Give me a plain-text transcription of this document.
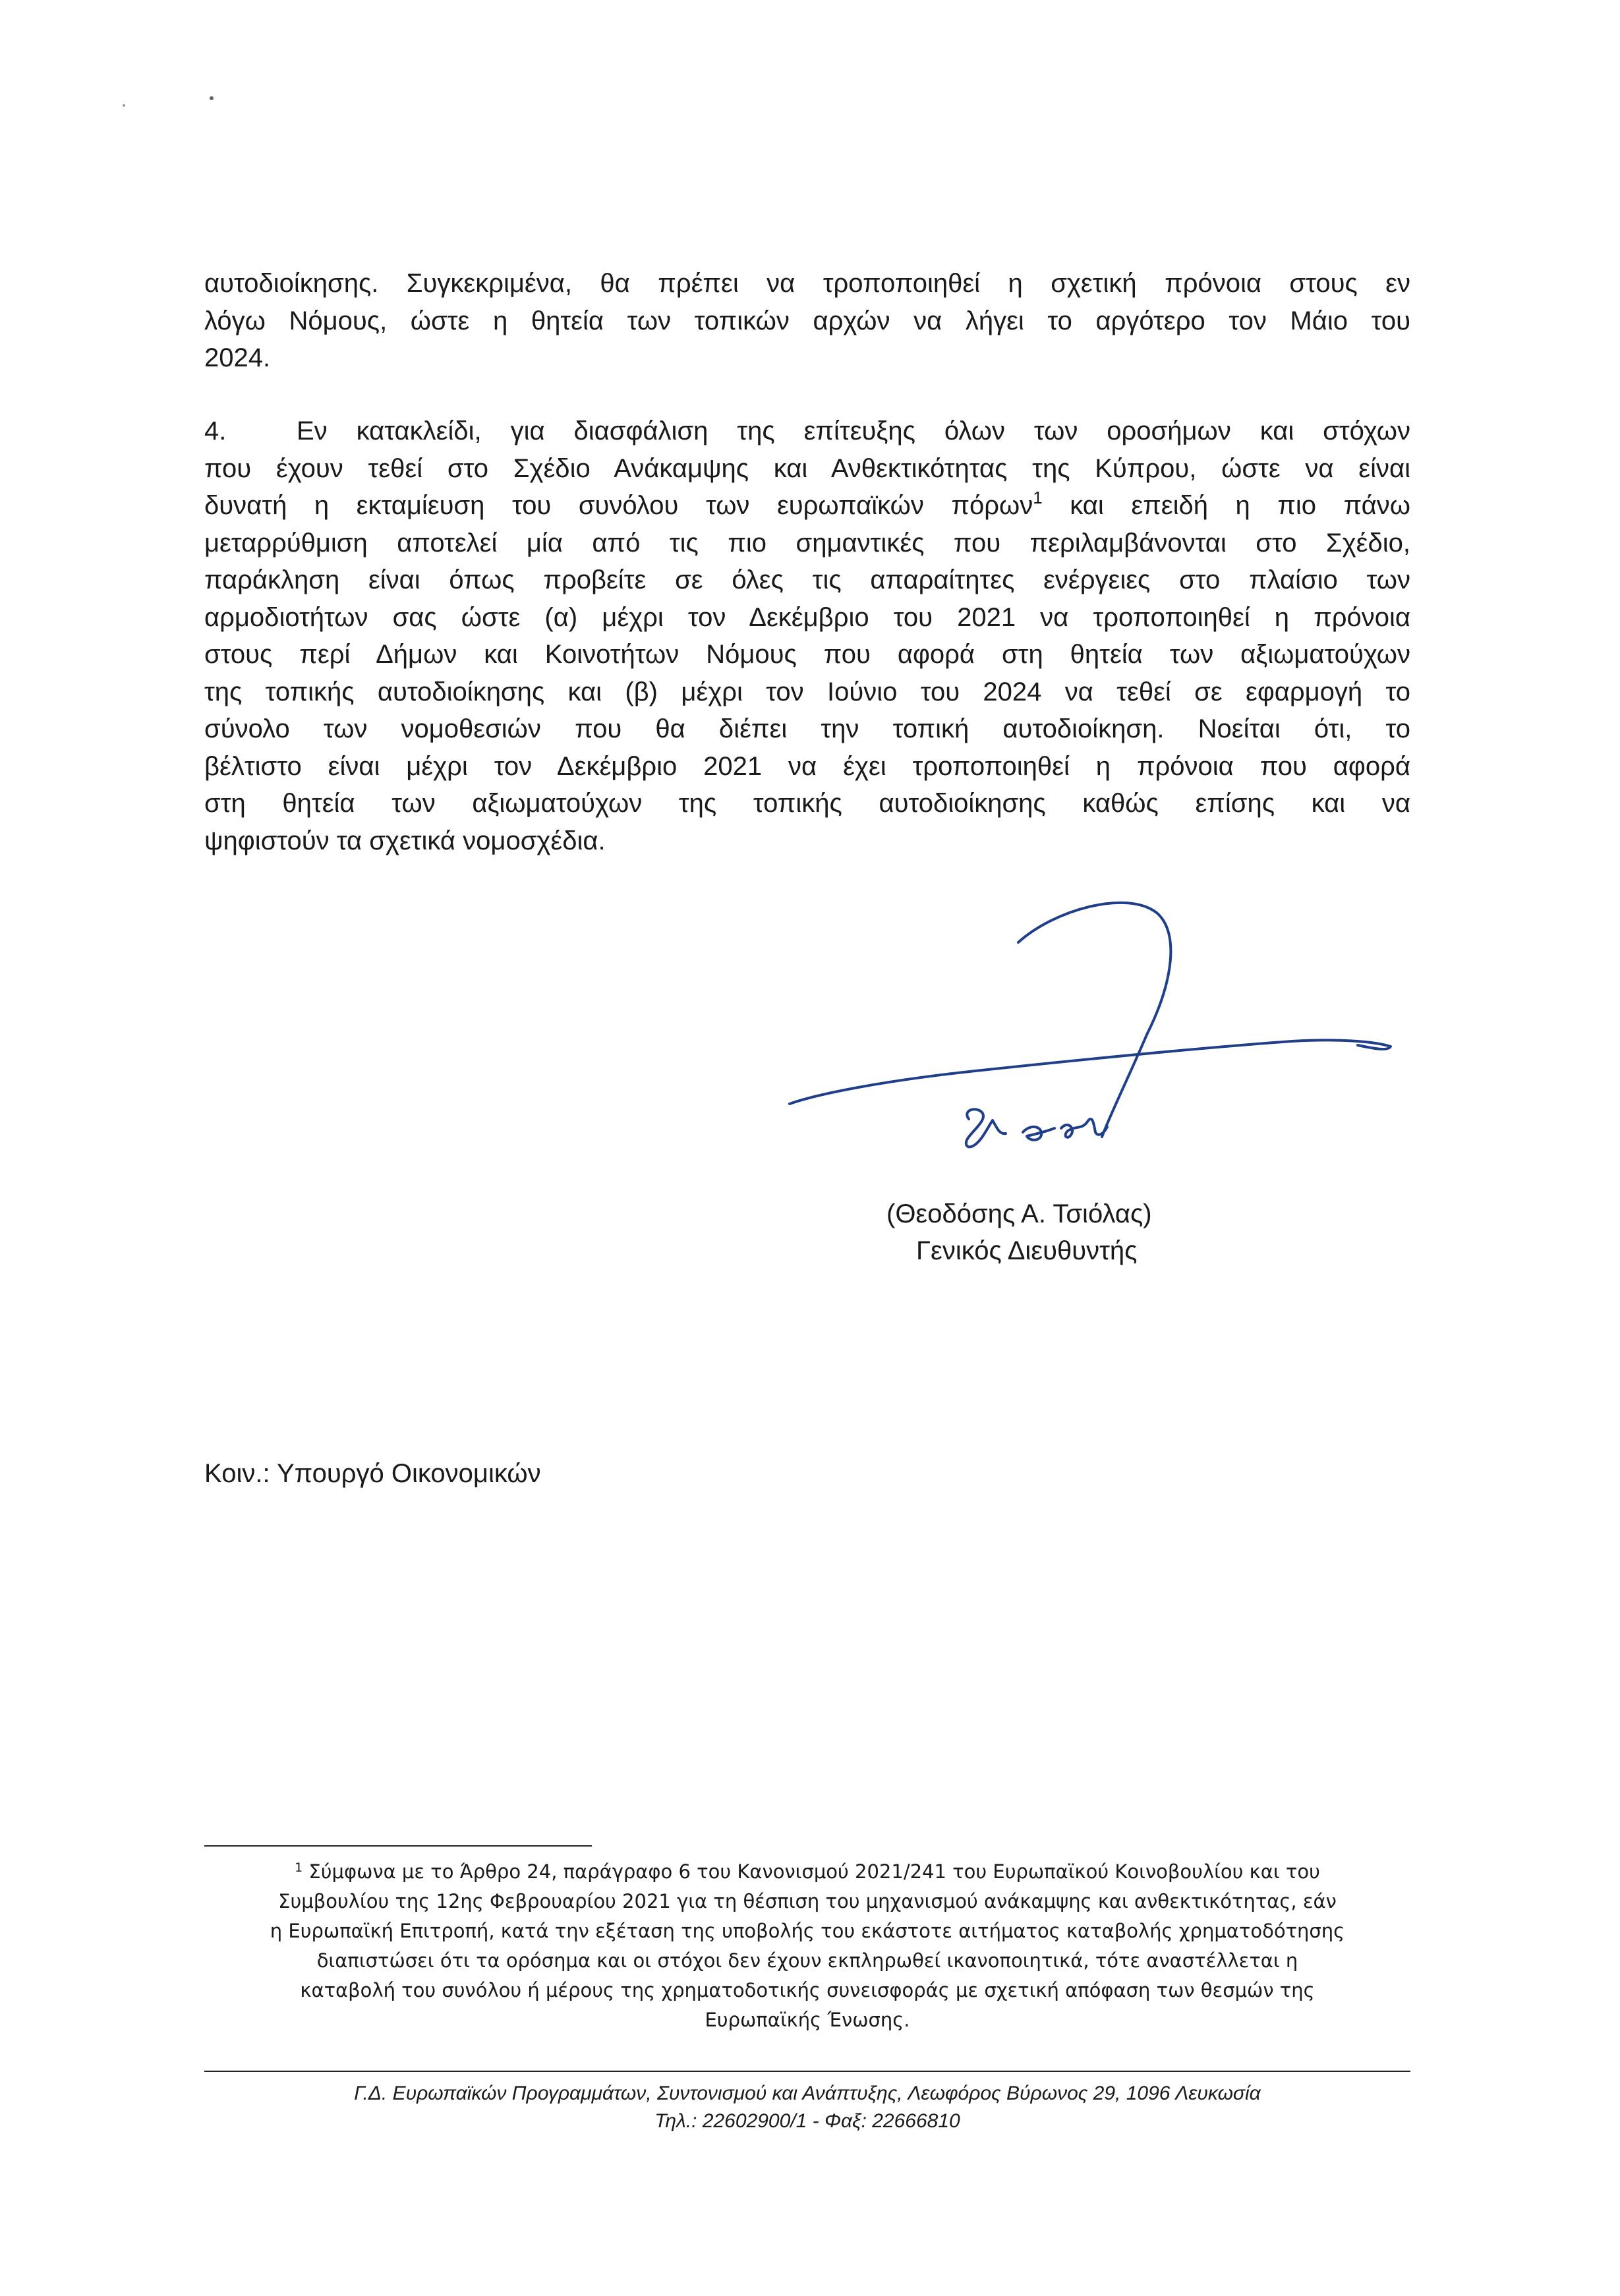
αυτοδιοίκησης. Συγκεκριμένα, θα πρέπει να τροποποιηθεί η σχετική πρόνοια στους εν
λόγω Νόμους, ώστε η θητεία των τοπικών αρχών να λήγει το αργότερο τον Μάιο του
2024.
4.	Εν κατακλείδι, για διασφάλιση της επίτευξης όλων των οροσήμων και στόχων
που έχουν τεθεί στο Σχέδιο Ανάκαμψης και Ανθεκτικότητας της Κύπρου, ώστε να είναι
δυνατή η εκταμίευση του συνόλου των ευρωπαϊκών πόρων$^1$ και επειδή η πιο πάνω
μεταρρύθμιση αποτελεί μία από τις πιο σημαντικές που περιλαμβάνονται στο Σχέδιο,
παράκληση είναι όπως προβείτε σε όλες τις απαραίτητες ενέργειες στο πλαίσιο των
αρμοδιοτήτων σας ώστε (α) μέχρι τον Δεκέμβριο του 2021 να τροποποιηθεί η πρόνοια
στους περί Δήμων και Κοινοτήτων Νόμους που αφορά στη θητεία των αξιωματούχων
της τοπικής αυτοδιοίκησης και (β) μέχρι τον Ιούνιο του 2024 να τεθεί σε εφαρμογή το
σύνολο των νομοθεσιών που θα διέπει την τοπική αυτοδιοίκηση. Νοείται ότι, το
βέλτιστο είναι μέχρι τον Δεκέμβριο 2021 να έχει τροποποιηθεί η πρόνοια που αφορά
στη θητεία των αξιωματούχων της τοπικής αυτοδιοίκησης καθώς επίσης και να
ψηφιστούν τα σχετικά νομοσχέδια.
(Θεοδόσης Α. Τσιόλας)
Γενικός Διευθυντής
Κοιν.: Υπουργό Οικονομικών
$^1$ Σύμφωνα με το Άρθρο 24, παράγραφο 6 του Κανονισμού 2021/241 του Ευρωπαϊκού Κοινοβουλίου και του
Συμβουλίου της 12ης Φεβρουαρίου 2021 για τη θέσπιση του μηχανισμού ανάκαμψης και ανθεκτικότητας, εάν
η Ευρωπαϊκή Επιτροπή, κατά την εξέταση της υποβολής του εκάστοτε αιτήματος καταβολής χρηματοδότησης
διαπιστώσει ότι τα ορόσημα και οι στόχοι δεν έχουν εκπληρωθεί ικανοποιητικά, τότε αναστέλλεται η
καταβολή του συνόλου ή μέρους της χρηματοδοτικής συνεισφοράς με σχετική απόφαση των θεσμών της
Ευρωπαϊκής Ένωσης.
Γ.Δ. Ευρωπαϊκών Προγραμμάτων, Συντονισμού και Ανάπτυξης, Λεωφόρος Βύρωνος 29, 1096 Λευκωσία
Τηλ.: 22602900/1 - Φαξ: 22666810
